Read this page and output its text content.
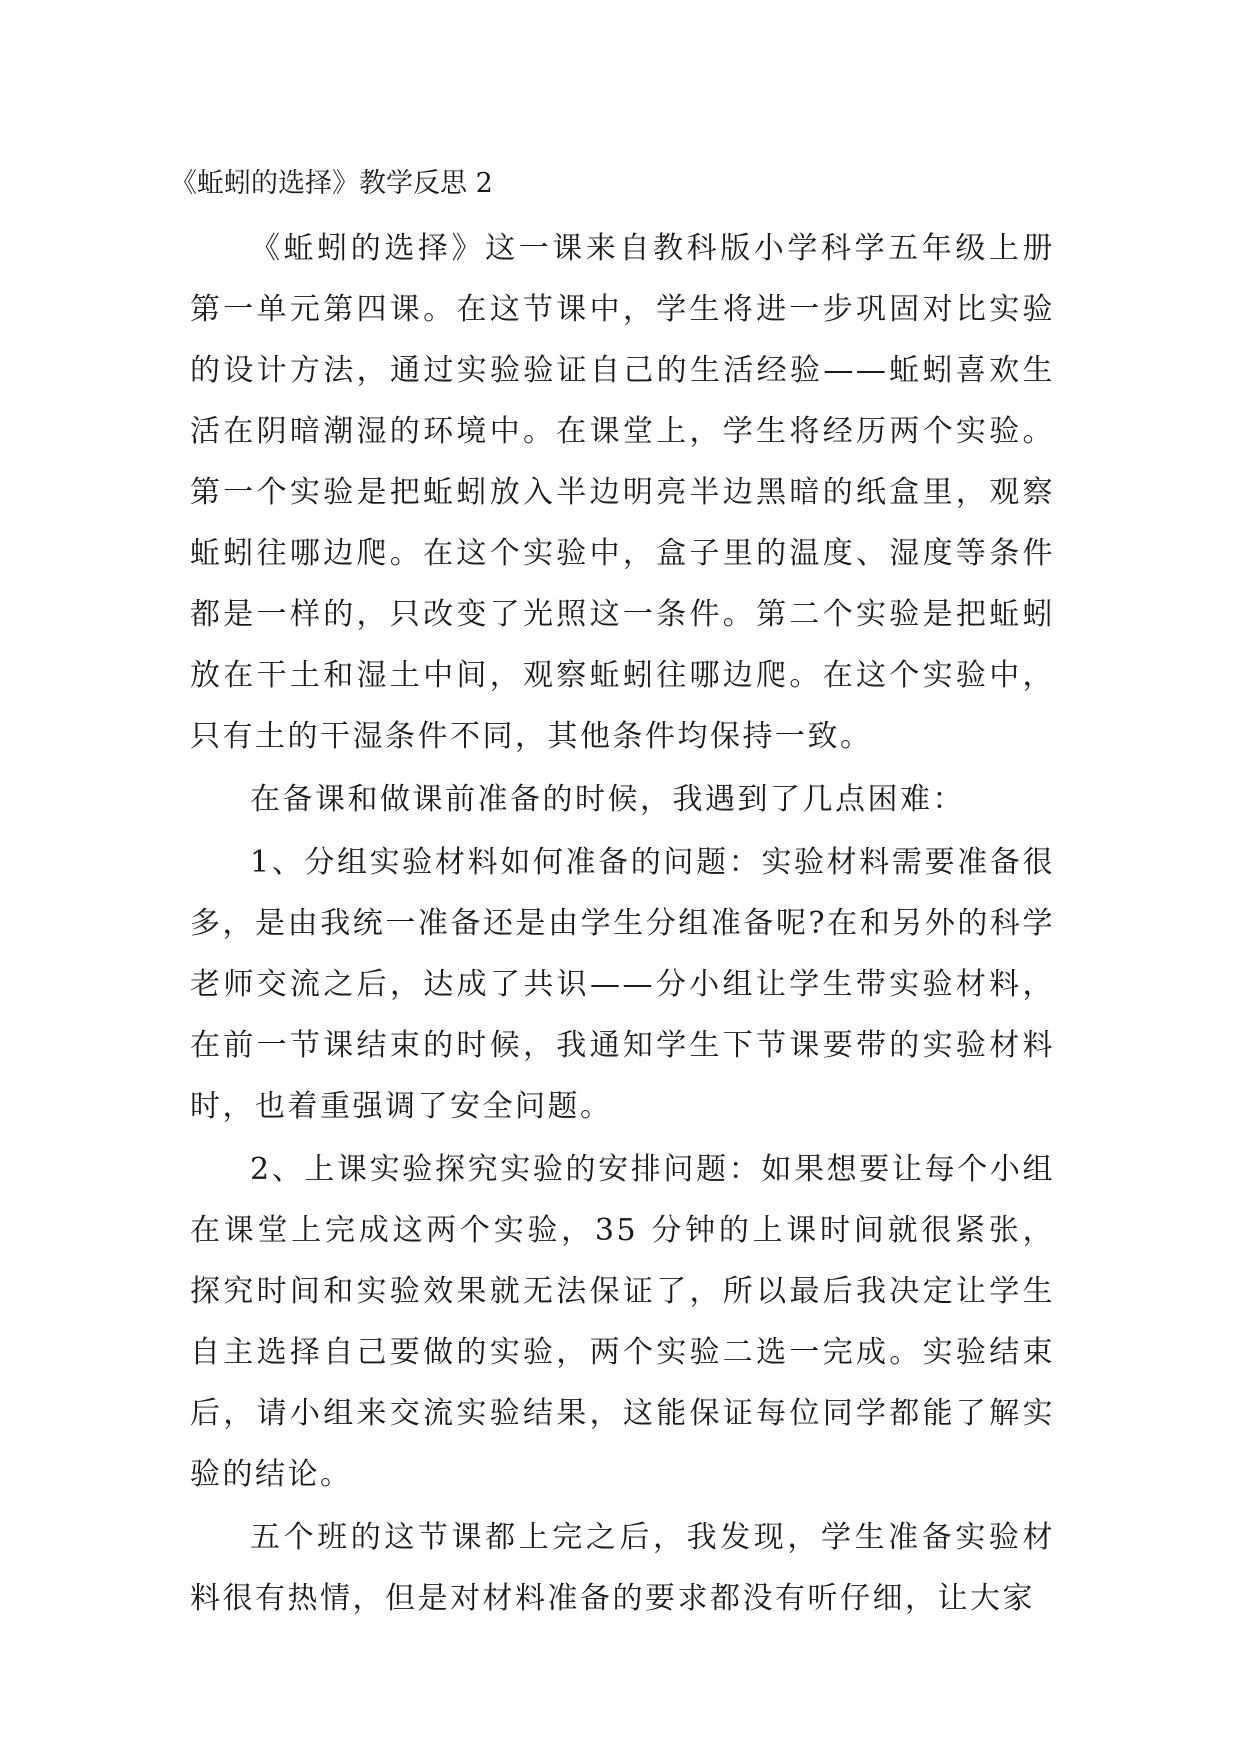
《蚯蚓的选择》教学反思 2

《蚯蚓的选择》这一课来自教科版小学科学五年级上册第一单元第四课。在这节课中，学生将进一步巩固对比实验的设计方法，通过实验验证自己的生活经验——蚯蚓喜欢生活在阴暗潮湿的环境中。在课堂上，学生将经历两个实验。第一个实验是把蚯蚓放入半边明亮半边黑暗的纸盒里，观察蚯蚓往哪边爬。在这个实验中，盒子里的温度、湿度等条件都是一样的，只改变了光照这一条件。第二个实验是把蚯蚓放在干土和湿土中间，观察蚯蚓往哪边爬。在这个实验中，只有土的干湿条件不同，其他条件均保持一致。

在备课和做课前准备的时候，我遇到了几点困难：

1、分组实验材料如何准备的问题：实验材料需要准备很多，是由我统一准备还是由学生分组准备呢?在和另外的科学老师交流之后，达成了共识——分小组让学生带实验材料，在前一节课结束的时候，我通知学生下节课要带的实验材料时，也着重强调了安全问题。

2、上课实验探究实验的安排问题：如果想要让每个小组在课堂上完成这两个实验，35 分钟的上课时间就很紧张，探究时间和实验效果就无法保证了，所以最后我决定让学生自主选择自己要做的实验，两个实验二选一完成。实验结束后，请小组来交流实验结果，这能保证每位同学都能了解实验的结论。

五个班的这节课都上完之后，我发现，学生准备实验材料很有热情，但是对材料准备的要求都没有听仔细，让大家
